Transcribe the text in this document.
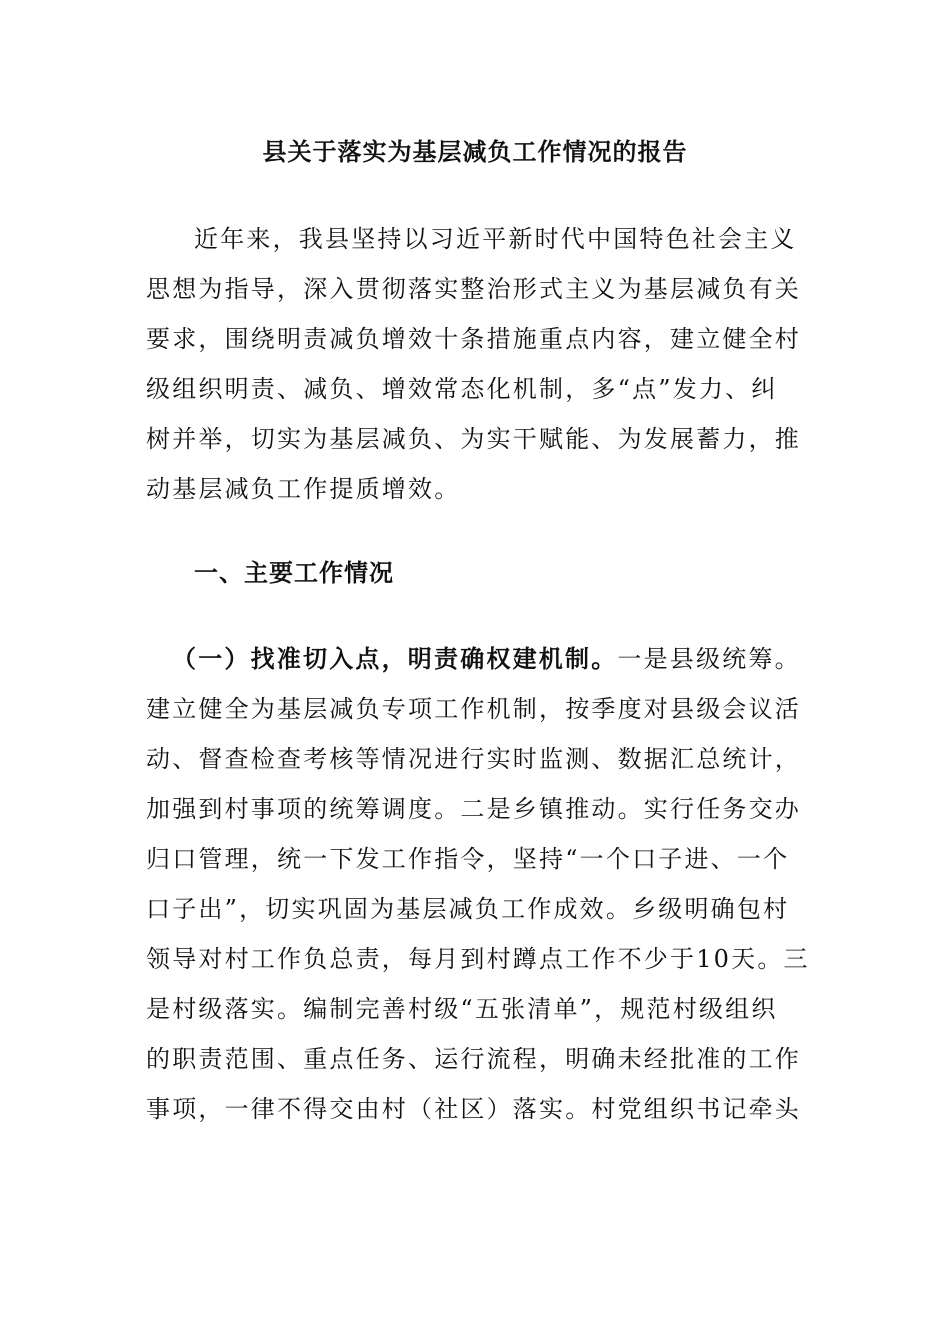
县关于落实为基层减负工作情况的报告
近年来，我县坚持以习近平新时代中国特色社会主义
思想为指导，深入贯彻落实整治形式主义为基层减负有关
要求，围绕明责减负增效十条措施重点内容，建立健全村
级组织明责、减负、增效常态化机制，多“点”发力、纠
树并举，切实为基层减负、为实干赋能、为发展蓄力，推
动基层减负工作提质增效。
一、主要工作情况
（一）找准切入点，明责确权建机制。一是县级统筹。
建立健全为基层减负专项工作机制，按季度对县级会议活
动、督查检查考核等情况进行实时监测、数据汇总统计，
加强到村事项的统筹调度。二是乡镇推动。实行任务交办
归口管理，统一下发工作指令，坚持“一个口子进、一个
口子出”，切实巩固为基层减负工作成效。乡级明确包村
领导对村工作负总责，每月到村蹲点工作不少于10天。三
是村级落实。编制完善村级“五张清单”，规范村级组织
的职责范围、重点任务、运行流程，明确未经批准的工作
事项，一律不得交由村（社区）落实。村党组织书记牵头
